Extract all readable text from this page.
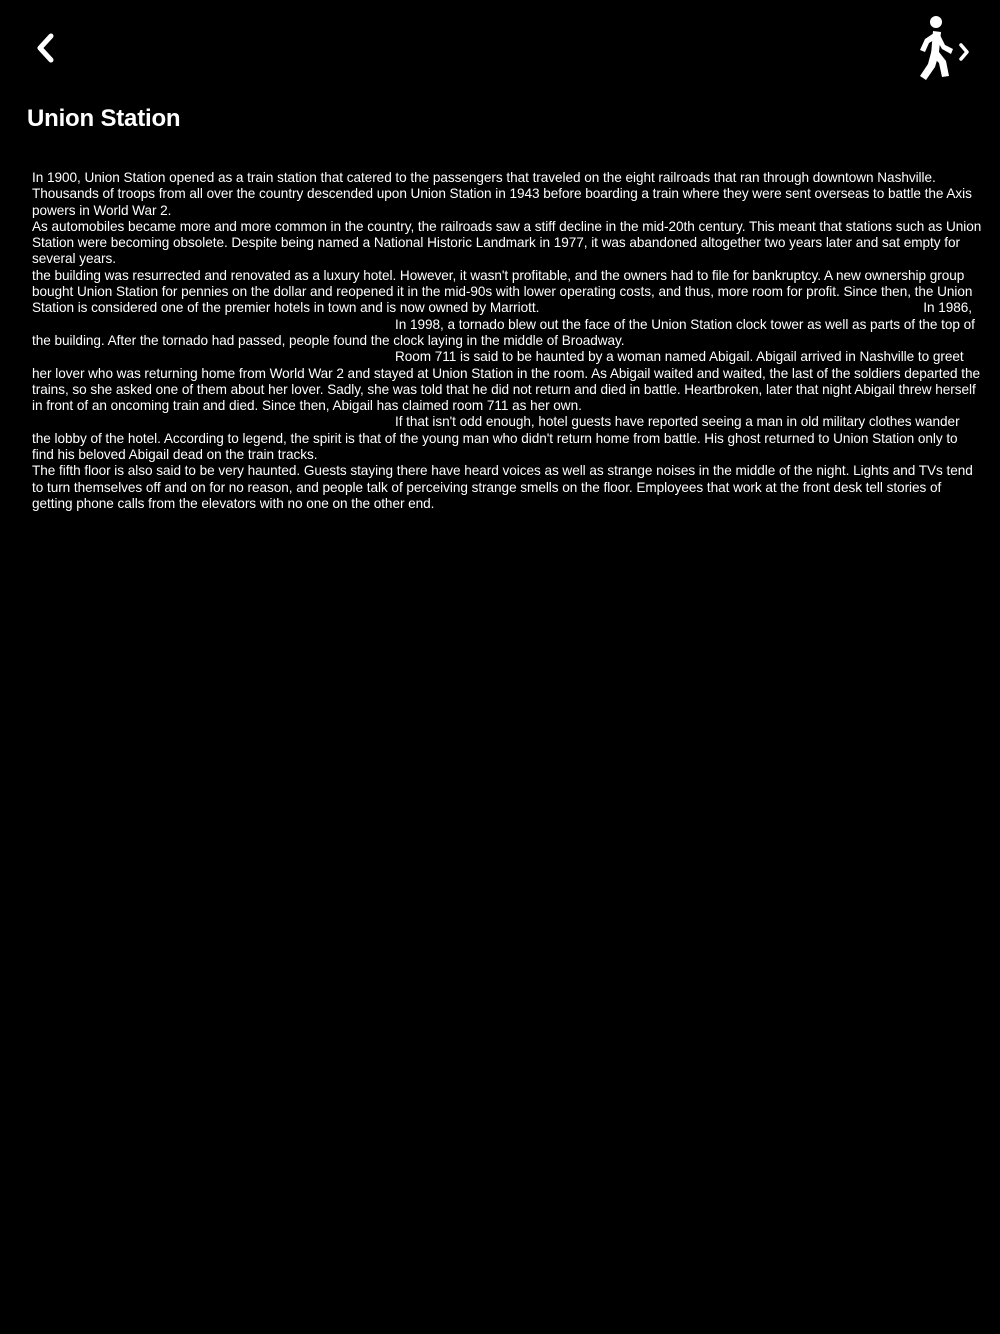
Union Station

In 1900, Union Station opened as a train station that catered to the passengers that traveled on the eight railroads that ran through downtown Nashville. Thousands of troops from all over the country descended upon Union Station in 1943 before boarding a train where they were sent overseas to battle the Axis powers in World War 2.

As automobiles became more and more common in the country, the railroads saw a stiff decline in the mid-20th century. This meant that stations such as Union Station were becoming obsolete. Despite being named a National Historic Landmark in 1977, it was abandoned altogether two years later and sat empty for several years.

In 1986,

the building was resurrected and renovated as a luxury hotel. However, it wasn't profitable, and the owners had to file for bankruptcy. A new ownership group bought Union Station for pennies on the dollar and reopened it in the mid-90s with lower operating costs, and thus, more room for profit. Since then, the Union Station is considered one of the premier hotels in town and is now owned by Marriott.

In 1998, a tornado blew out the face of the Union Station clock tower as well as parts of the top of the building. After the tornado had passed, people found the clock laying in the middle of Broadway.

Room 711 is said to be haunted by a woman named Abigail. Abigail arrived in Nashville to greet her lover who was returning home from World War 2 and stayed at Union Station in the room. As Abigail waited and waited, the last of the soldiers departed the trains, so she asked one of them about her lover. Sadly, she was told that he did not return and died in battle. Heartbroken, later that night Abigail threw herself in front of an oncoming train and died. Since then, Abigail has claimed room 711 as her own.

If that isn't odd enough, hotel guests have reported seeing a man in old military clothes wander the lobby of the hotel. According to legend, the spirit is that of the young man who didn't return home from battle. His ghost returned to Union Station only to find his beloved Abigail dead on the train tracks.

The fifth floor is also said to be very haunted. Guests staying there have heard voices as well as strange noises in the middle of the night. Lights and TVs tend to turn themselves off and on for no reason, and people talk of perceiving strange smells on the floor. Employees that work at the front desk tell stories of getting phone calls from the elevators with no one on the other end.
